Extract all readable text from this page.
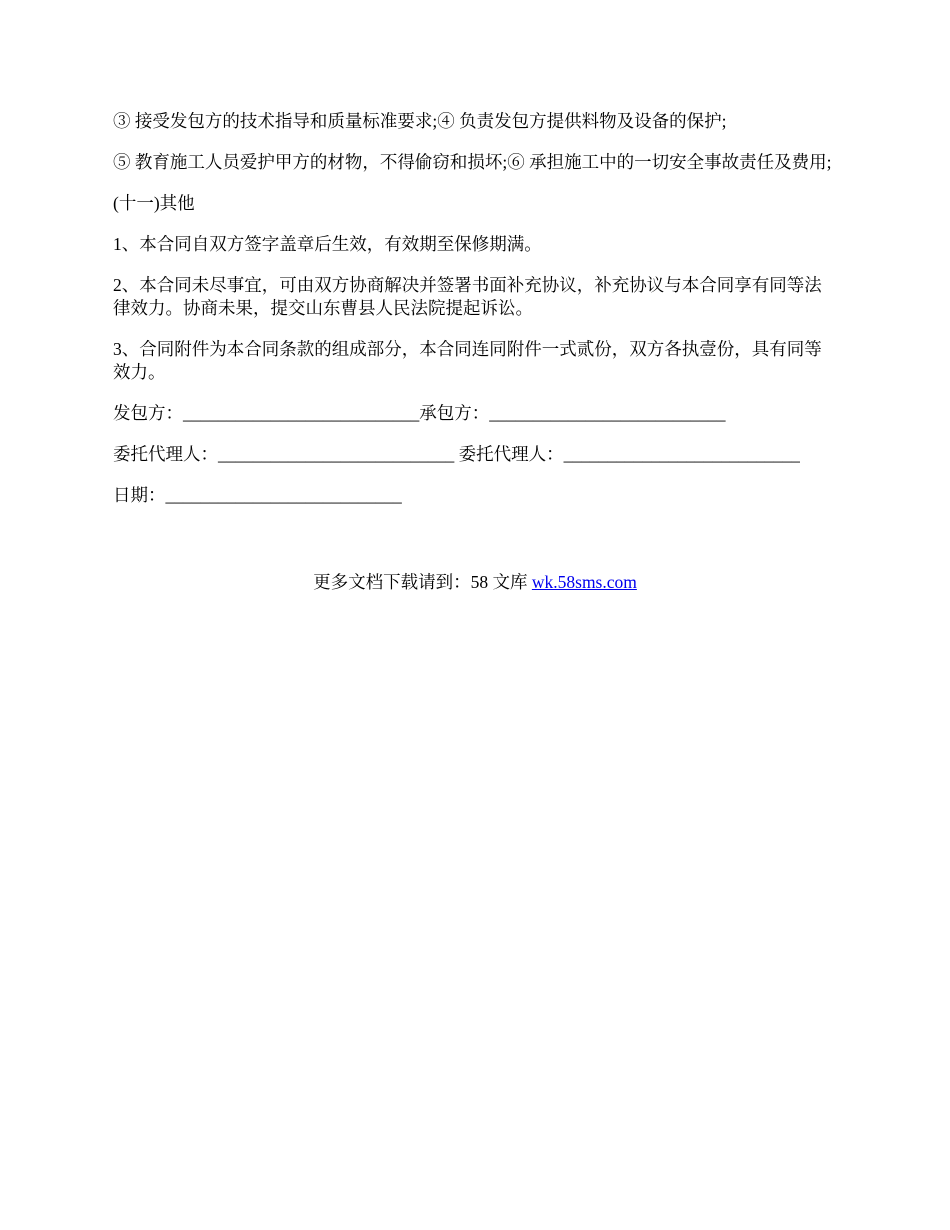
③ 接受发包方的技术指导和质量标准要求;④ 负责发包方提供料物及设备的保护;

⑤ 教育施工人员爱护甲方的材物，不得偷窃和损坏;⑥ 承担施工中的一切安全事故责任及费用;

(十一)其他

1、本合同自双方签字盖章后生效，有效期至保修期满。

2、本合同未尽事宜，可由双方协商解决并签署书面补充协议，补充协议与本合同享有同等法律效力。协商未果，提交山东曹县人民法院提起诉讼。

3、合同附件为本合同条款的组成部分，本合同连同附件一式贰份，双方各执壹份，具有同等效力。

发包方：___________________________承包方：___________________________

委托代理人：___________________________ 委托代理人：___________________________

日期：___________________________

更多文档下载请到：58 文库 wk.58sms.com
